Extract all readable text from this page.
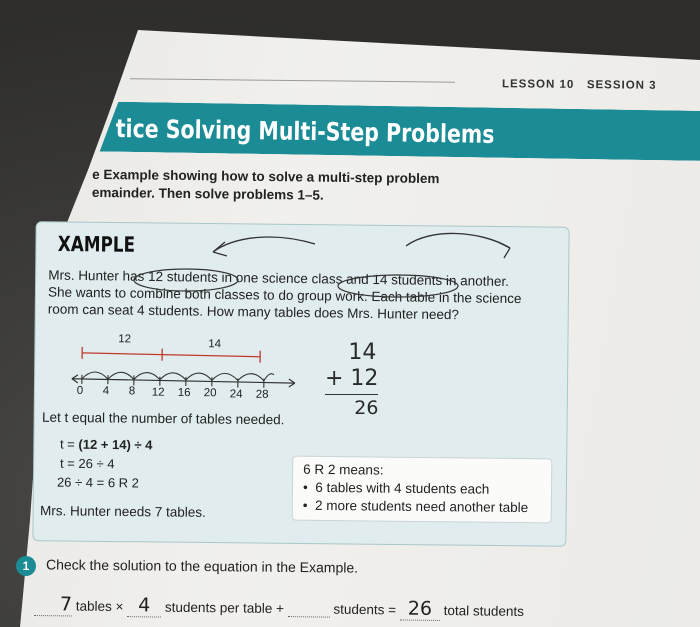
LESSON 10 SESSION 3
tice Solving Multi-Step Problems
e Example showing how to solve a multi-step problem
emainder. Then solve problems 1–5.
XAMPLE
Mrs. Hunter has 12 students in one science class and 14 students in another.
She wants to combine both classes to do group work. Each table in the science
room can seat 4 students. How many tables does Mrs. Hunter need?
12	14
0 4 8 12 16 20 24 28
14
+ 12
26
Let t equal the number of tables needed.
t = (12 + 14) ÷ 4
t = 26 ÷ 4
26 ÷ 4 = 6 R 2
6 R 2 means:
•  6 tables with 4 students each
•  2 more students need another table
Mrs. Hunter needs 7 tables.
1	Check the solution to the equation in the Example.
7 tables × 4 students per table +	students = 26 total students
